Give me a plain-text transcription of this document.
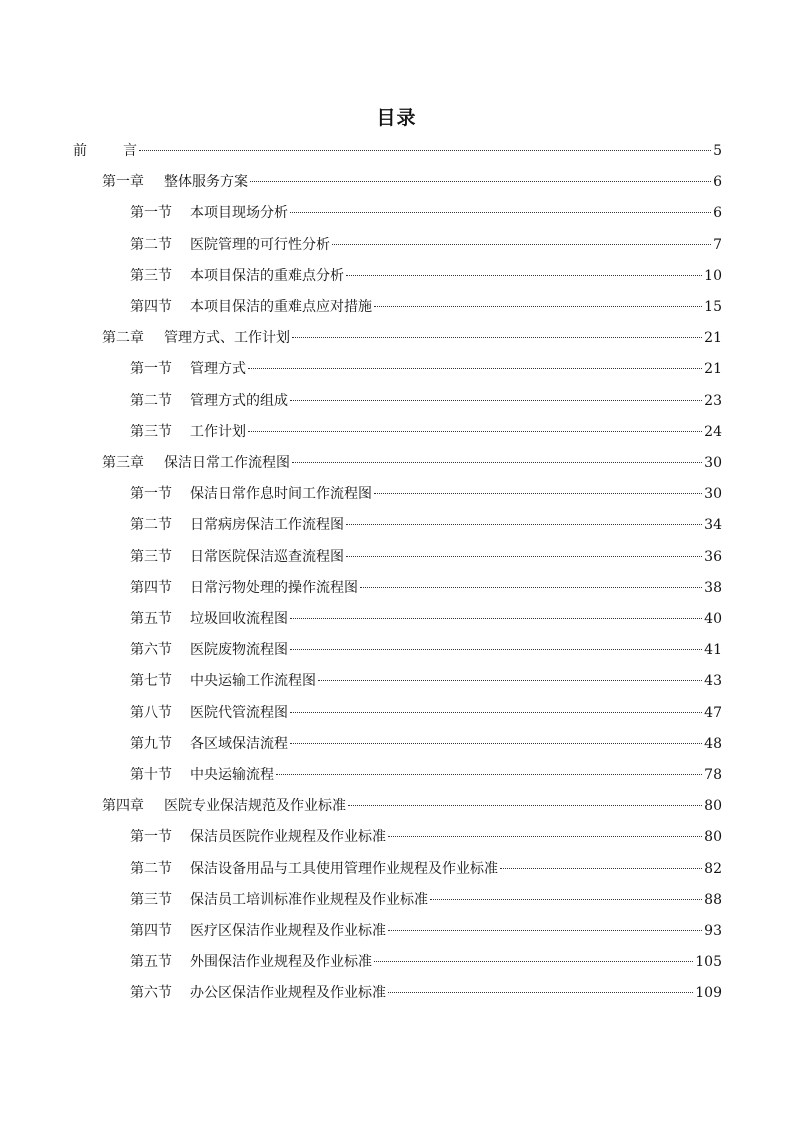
目录
前	言	5
第一章 整体服务方案	6
第一节 本项目现场分析	6
第二节 医院管理的可行性分析	7
第三节 本项目保洁的重难点分析	10
第四节 本项目保洁的重难点应对措施	15
第二章 管理方式、工作计划	21
第一节 管理方式	21
第二节 管理方式的组成	23
第三节 工作计划	24
第三章 保洁日常工作流程图	30
第一节 保洁日常作息时间工作流程图	30
第二节 日常病房保洁工作流程图	34
第三节 日常医院保洁巡查流程图	36
第四节 日常污物处理的操作流程图	38
第五节 垃圾回收流程图	40
第六节 医院废物流程图	41
第七节 中央运输工作流程图	43
第八节 医院代管流程图	47
第九节 各区域保洁流程	48
第十节 中央运输流程	78
第四章 医院专业保洁规范及作业标准	80
第一节 保洁员医院作业规程及作业标准	80
第二节 保洁设备用品与工具使用管理作业规程及作业标准	82
第三节 保洁员工培训标准作业规程及作业标准	88
第四节 医疗区保洁作业规程及作业标准	93
第五节 外围保洁作业规程及作业标准	105
第六节 办公区保洁作业规程及作业标准	109
